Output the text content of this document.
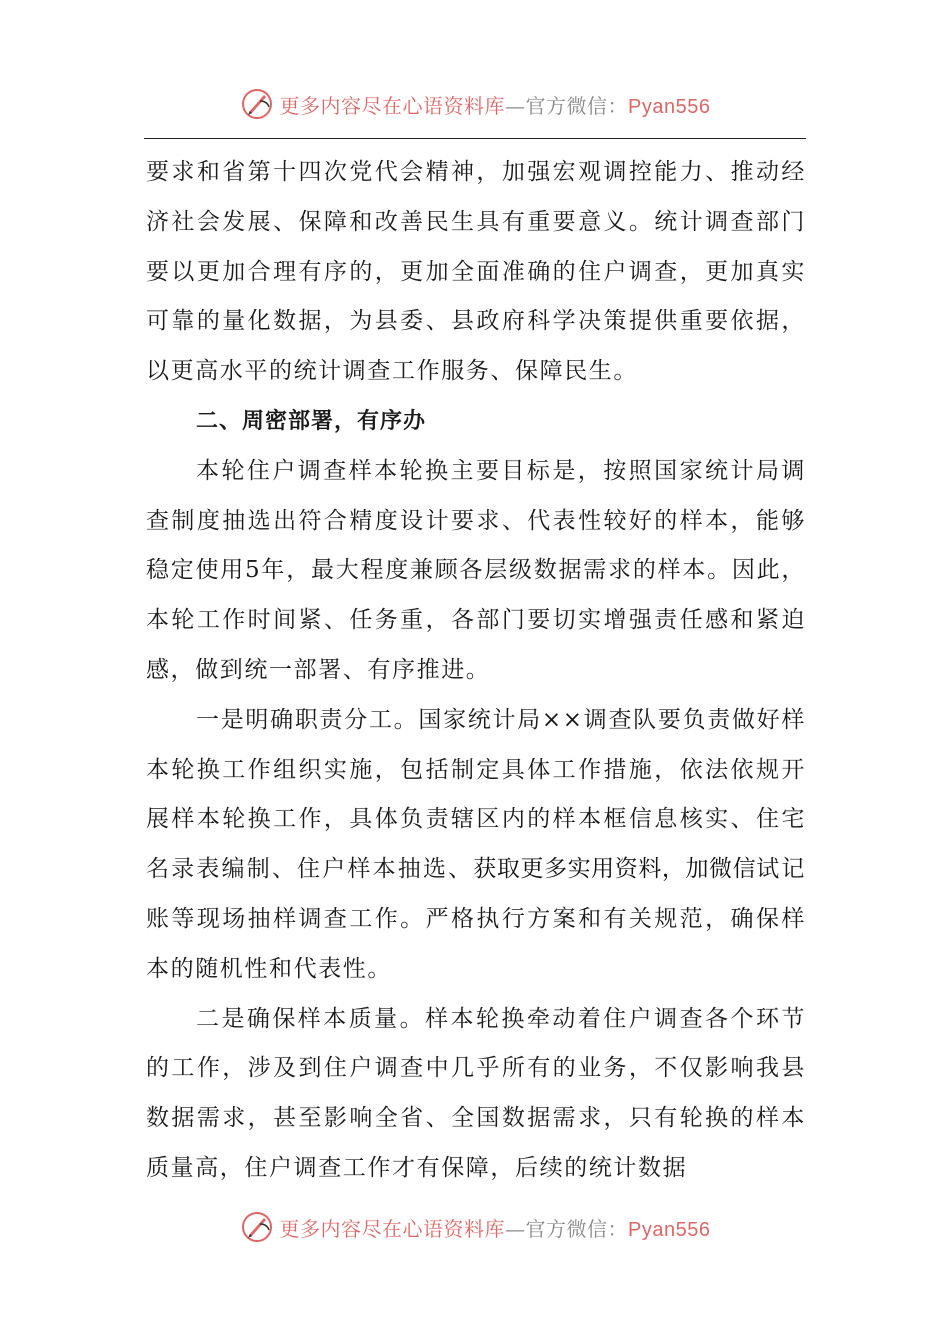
更多内容尽在心语资料库—官方微信：Pyan556

要求和省第十四次党代会精神，加强宏观调控能力、推动经济社会发展、保障和改善民生具有重要意义。统计调查部门要以更加合理有序的，更加全面准确的住户调查，更加真实可靠的量化数据，为县委、县政府科学决策提供重要依据，以更高水平的统计调查工作服务、保障民生。

二、周密部署，有序办

本轮住户调查样本轮换主要目标是，按照国家统计局调查制度抽选出符合精度设计要求、代表性较好的样本，能够稳定使用5年，最大程度兼顾各层级数据需求的样本。因此，本轮工作时间紧、任务重，各部门要切实增强责任感和紧迫感，做到统一部署、有序推进。

一是明确职责分工。国家统计局××调查队要负责做好样本轮换工作组织实施，包括制定具体工作措施，依法依规开展样本轮换工作，具体负责辖区内的样本框信息核实、住宅名录表编制、住户样本抽选、获取更多实用资料，加微信试记账等现场抽样调查工作。严格执行方案和有关规范，确保样本的随机性和代表性。

二是确保样本质量。样本轮换牵动着住户调查各个环节的工作，涉及到住户调查中几乎所有的业务，不仅影响我县数据需求，甚至影响全省、全国数据需求，只有轮换的样本质量高，住户调查工作才有保障，后续的统计数据

更多内容尽在心语资料库—官方微信：Pyan556
